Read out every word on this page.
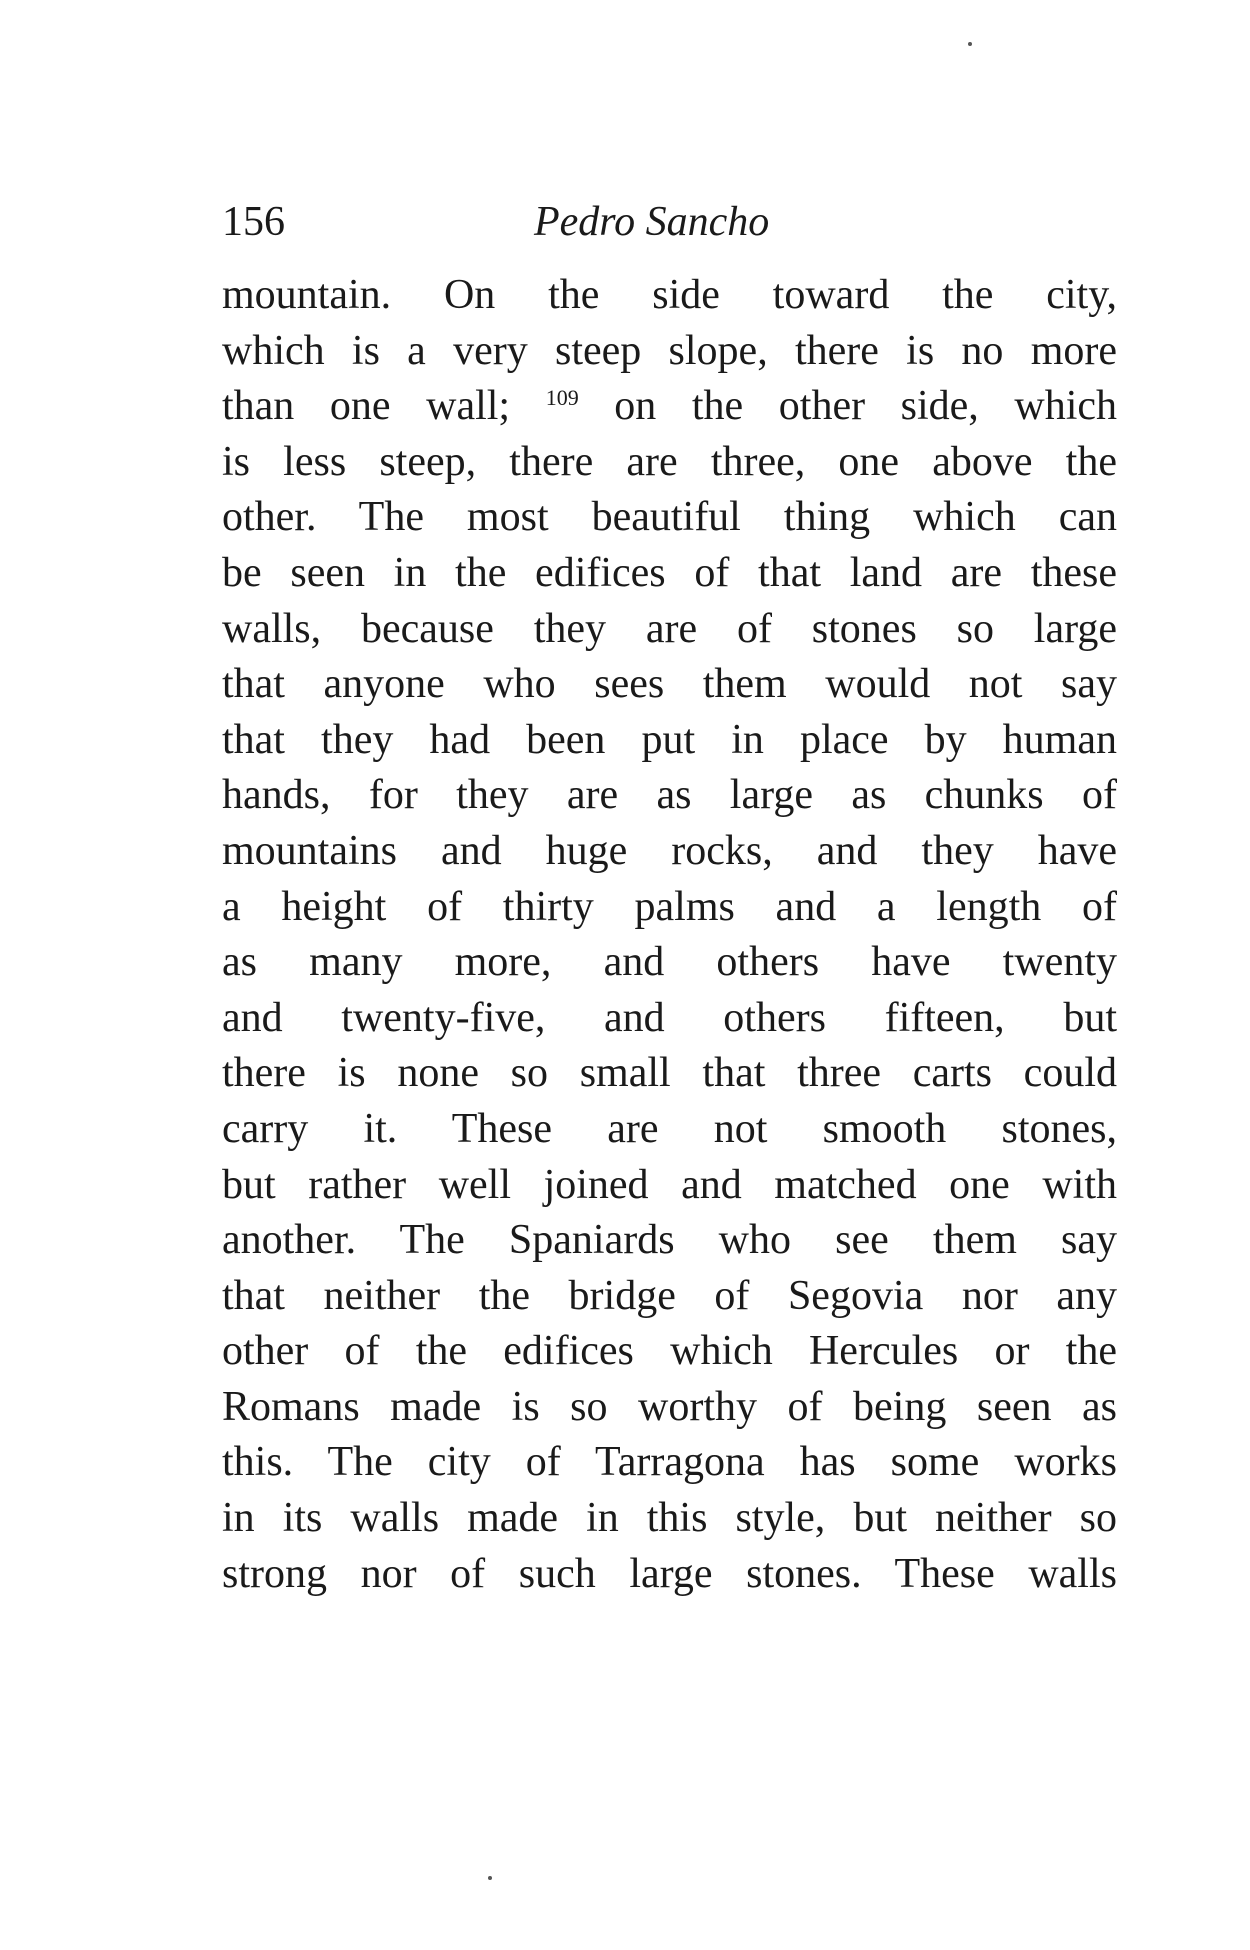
156	Pedro Sancho
mountain. On the side toward the city,
which is a very steep slope, there is no more
than one wall; $^{109}$ on the other side, which
is less steep, there are three, one above the
other. The most beautiful thing which can
be seen in the edifices of that land are these
walls, because they are of stones so large
that anyone who sees them would not say
that they had been put in place by human
hands, for they are as large as chunks of
mountains and huge rocks, and they have
a height of thirty palms and a length of
as many more, and others have twenty
and twenty-five, and others fifteen, but
there is none so small that three carts could
carry it. These are not smooth stones,
but rather well joined and matched one with
another. The Spaniards who see them say
that neither the bridge of Segovia nor any
other of the edifices which Hercules or the
Romans made is so worthy of being seen as
this. The city of Tarragona has some works
in its walls made in this style, but neither so
strong nor of such large stones. These walls
